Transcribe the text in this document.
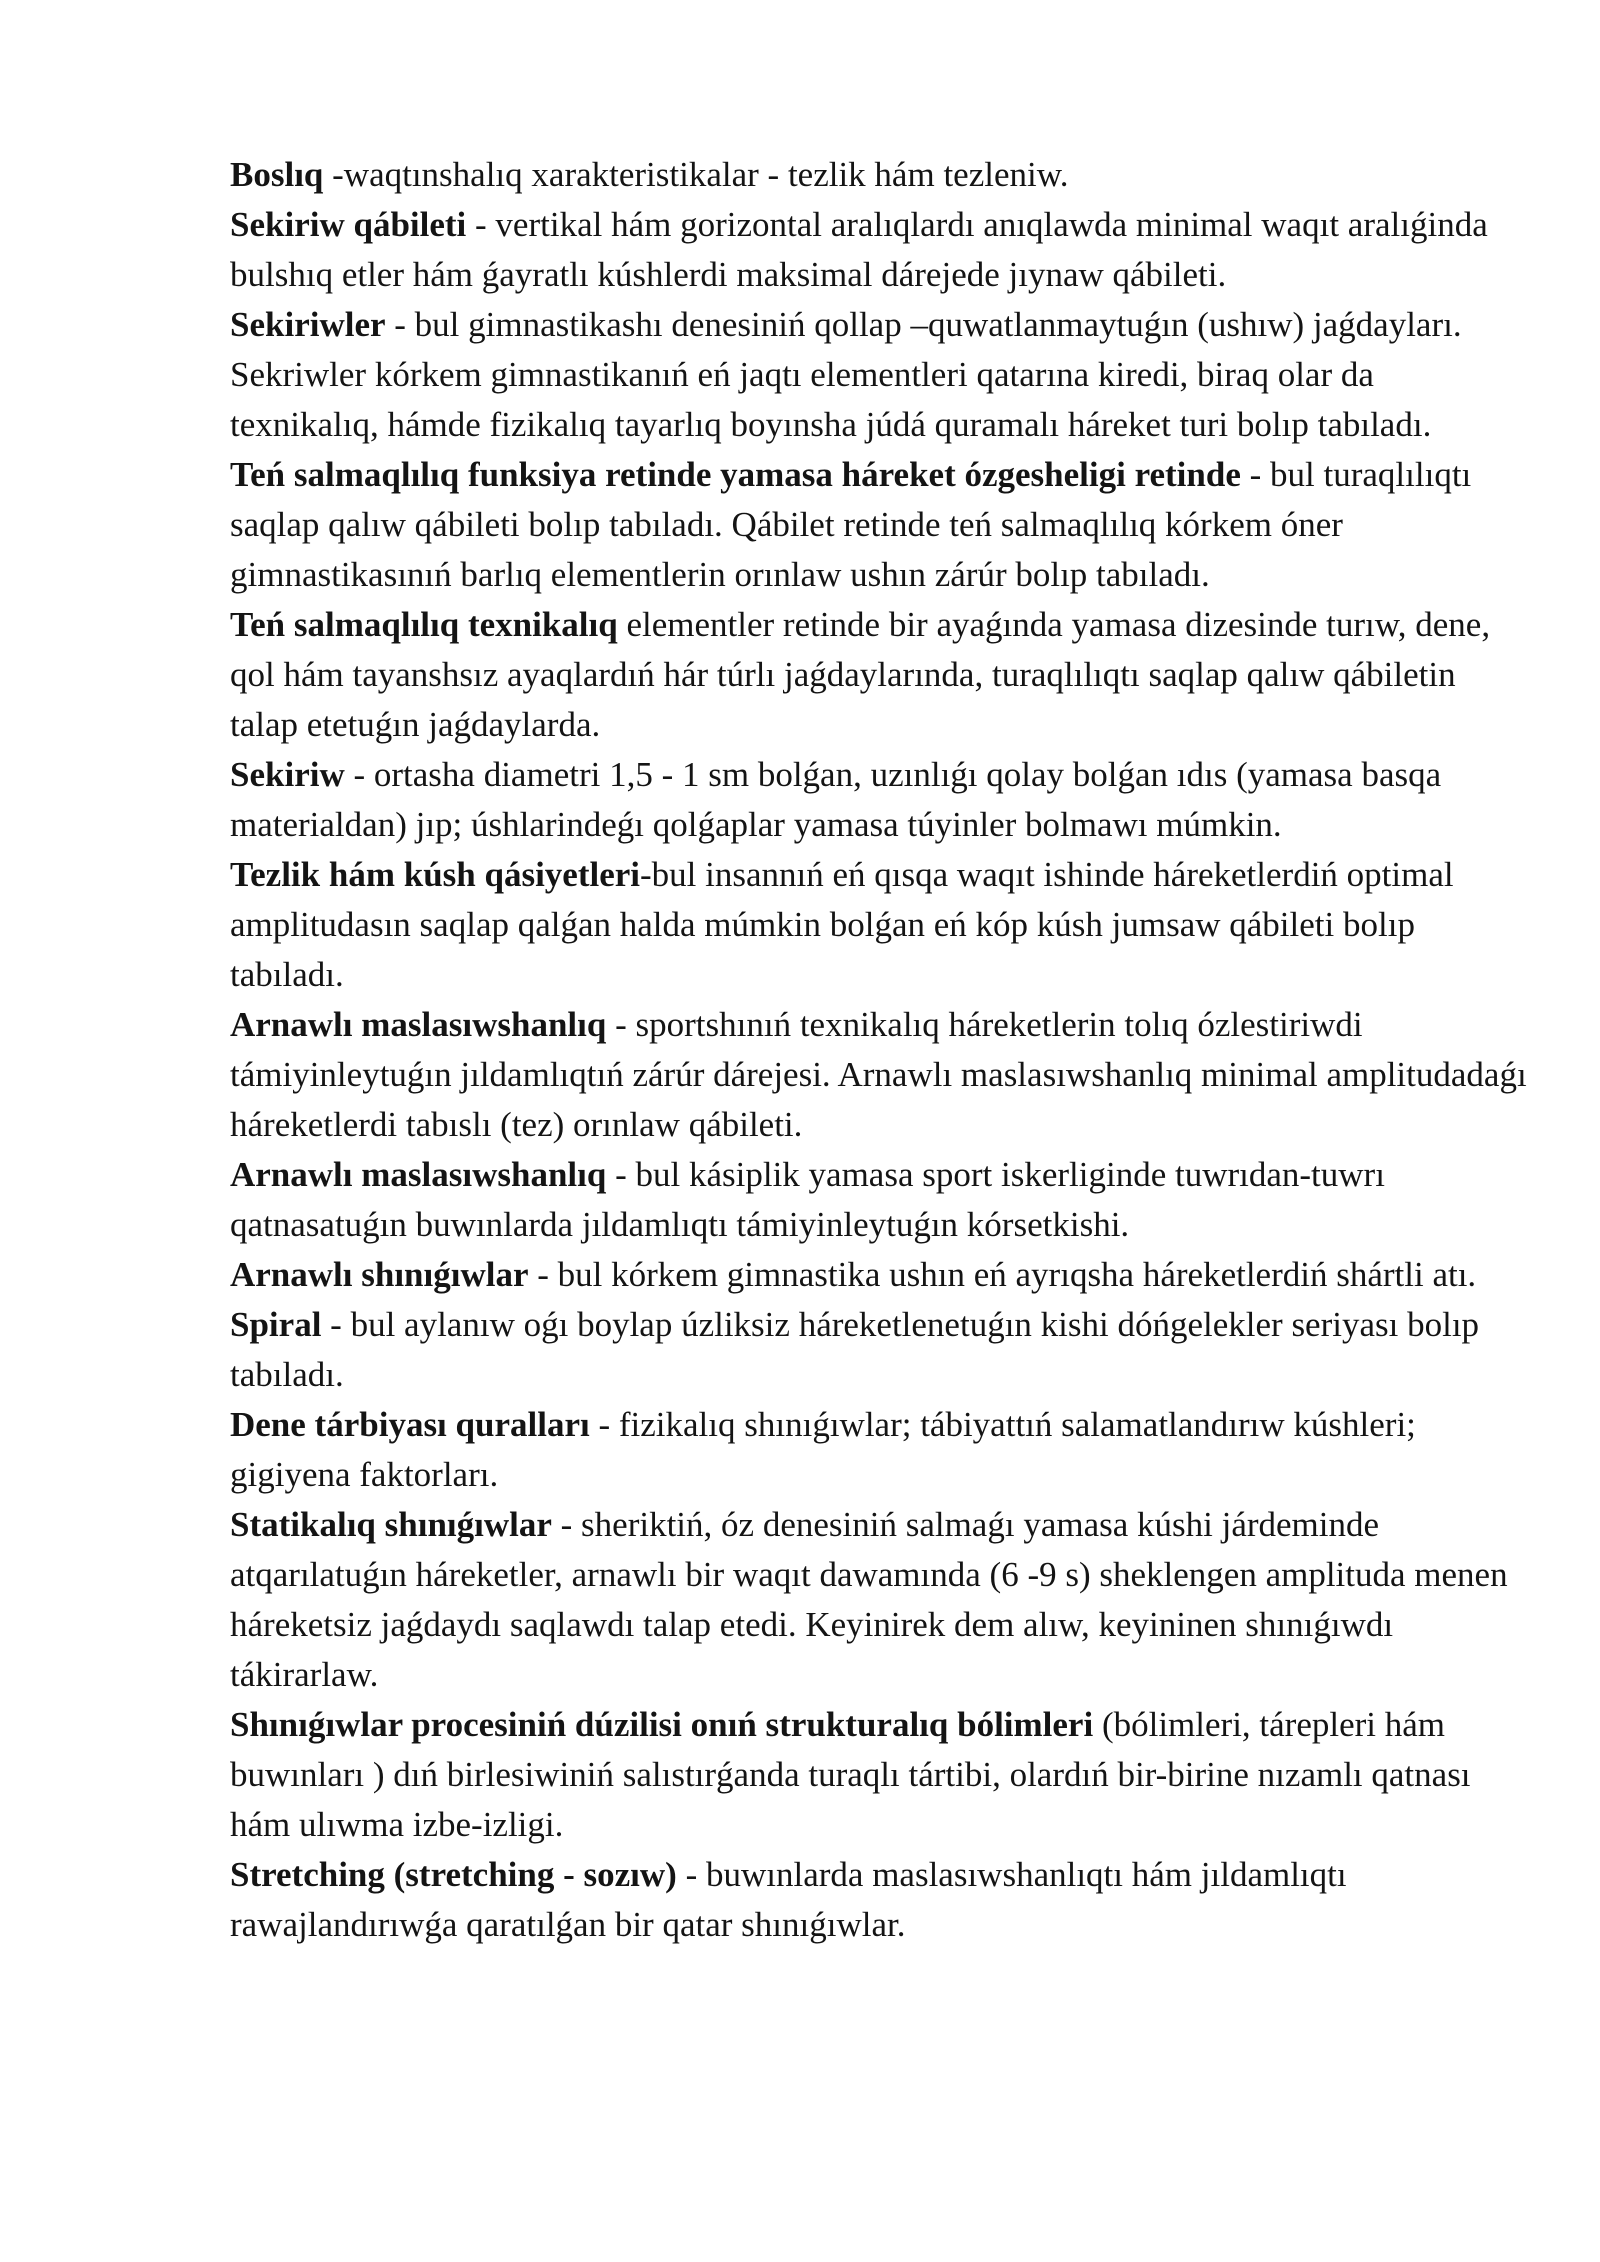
Boslıq -waqtınshalıq xarakteristikalar - tezlik hám tezleniw.

Sekiriw qábileti - vertikal hám gorizontal aralıqlardı anıqlawda minimal waqıt aralıǵinda bulshıq etler hám ǵayratlı kúshlerdi maksimal dárejede jıynaw qábileti.

Sekiriwler - bul gimnastikashı denesiniń qollap –quwatlanmaytuǵın (ushıw) jaǵdayları. Sekriwler kórkem gimnastikanıń eń jaqtı elementleri qatarına kiredi, biraq olar da texnikalıq, hámde fizikalıq tayarlıq boyınsha júdá quramalı háreket turi bolıp tabıladı.

Teń salmaqlılıq funksiya retinde yamasa háreket ózgesheligi retinde - bul turaqlılıqtı saqlap qalıw qábileti bolıp tabıladı. Qábilet retinde teń salmaqlılıq kórkem óner gimnastikasınıń barlıq elementlerin orınlaw ushın zárúr bolıp tabıladı.

Teń salmaqlılıq texnikalıq elementler retinde bir ayaǵında yamasa dizesinde turıw, dene, qol hám tayanshsız ayaqlardıń hár túrlı jaǵdaylarında, turaqlılıqtı saqlap qalıw qábiletin talap etetuǵın jaǵdaylarda.

Sekiriw - ortasha diametri 1,5 - 1 sm bolǵan, uzınlıǵı qolay bolǵan ıdıs (yamasa basqa materialdan) jıp; úshlarindeǵı qolǵaplar yamasa túyinler bolmawı múmkin.

Tezlik hám kúsh qásiyetleri-bul insannıń eń qısqa waqıt ishinde háreketlerdiń optimal amplitudasın saqlap qalǵan halda múmkin bolǵan eń kóp kúsh jumsaw qábileti bolıp tabıladı.

Arnawlı maslasıwshanlıq - sportshınıń texnikalıq háreketlerin tolıq ózlestiriwdi támiyinleytuǵın jıldamlıqtıń zárúr dárejesi. Arnawlı maslasıwshanlıq minimal amplitudadaǵı háreketlerdi tabıslı (tez) orınlaw qábileti.

Arnawlı maslasıwshanlıq - bul kásiplik yamasa sport iskerliginde tuwrıdan-tuwrı qatnasatuǵın buwınlarda jıldamlıqtı támiyinleytuǵın kórsetkishi.

Arnawlı shınıǵıwlar - bul kórkem gimnastika ushın eń ayrıqsha háreketlerdiń shártli atı.

Spiral - bul aylanıw oǵı boylap úzliksiz háreketlenetuǵın kishi dóńgelekler seriyası bolıp tabıladı.

Dene tárbiyası quralları - fizikalıq shınıǵıwlar; tábiyattıń salamatlandırıw kúshleri; gigiyena faktorları.

Statikalıq shınıǵıwlar - sheriktiń, óz denesiniń salmaǵı yamasa kúshi járdeminde atqarılatuǵın háreketler, arnawlı bir waqıt dawamında (6 -9 s) sheklengen amplituda menen háreketsiz jaǵdaydı saqlawdı talap etedi. Keyinirek dem alıw, keyininen shınıǵıwdı tákirarlaw.

Shınıǵıwlar procesiniń dúzilisi onıń strukturalıq bólimleri (bólimleri, tárepleri hám buwınları ) dıń birlesiwiniń salıstırǵanda turaqlı tártibi, olardıń bir-birine nızamlı qatnası hám ulıwma izbe-izligi.

Stretching (stretching - sozıw) - buwınlarda maslasıwshanlıqtı hám jıldamlıqtı rawajlandırıwǵa qaratılǵan bir qatar shınıǵıwlar.
